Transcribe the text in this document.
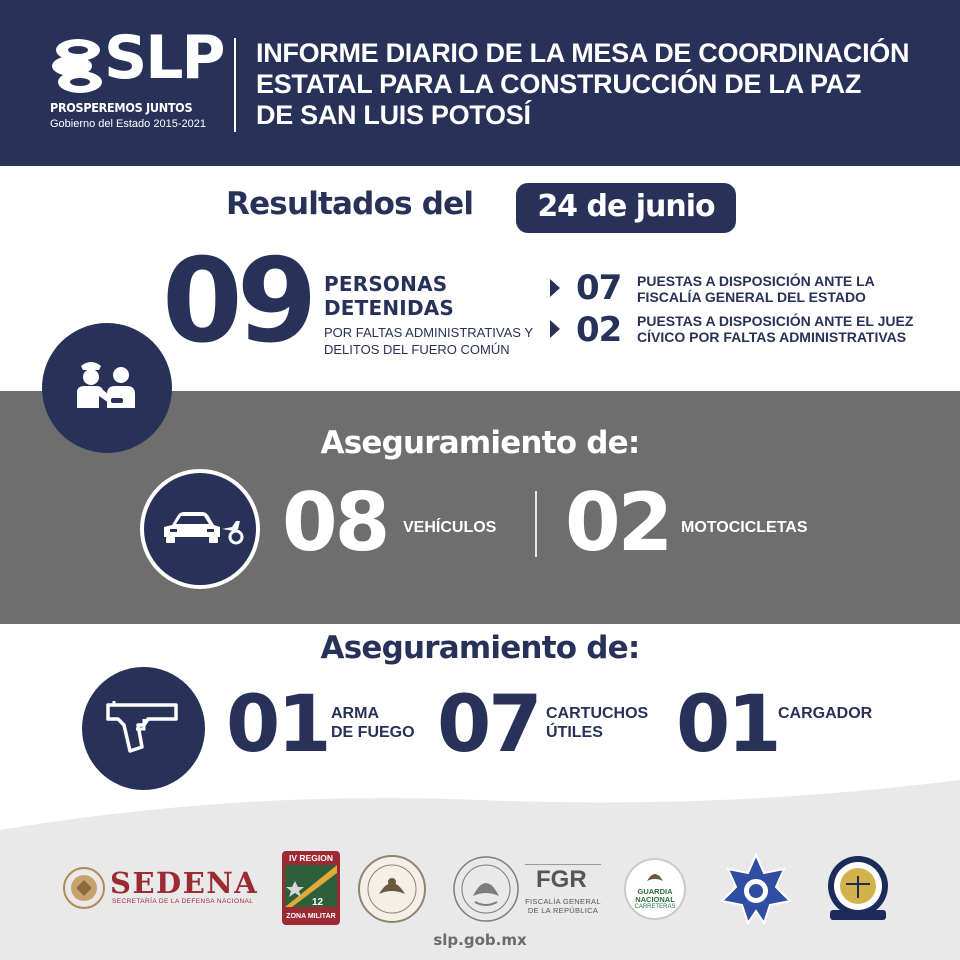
SLP
PROSPEREMOS JUNTOS
Gobierno del Estado 2015-2021
INFORME DIARIO DE LA MESA DE COORDINACIÓN
ESTATAL PARA LA CONSTRUCCIÓN DE LA PAZ
DE SAN LUIS POTOSÍ
Resultados del	24 de junio
09 PERSONAS
DETENIDAS
POR FALTAS ADMINISTRATIVAS Y
DELITOS DEL FUERO COMÚN
07 PUESTAS A DISPOSICIÓN ANTE LA
FISCALÍA GENERAL DEL ESTADO
02 PUESTAS A DISPOSICIÓN ANTE EL JUEZ
CÍVICO POR FALTAS ADMINISTRATIVAS
Aseguramiento de:
08 VEHÍCULOS 02 MOTOCICLETAS
Aseguramiento de:
01 ARMA
DE FUEGO 07 CARTUCHOS
ÚTILES 01 CARGADOR
SEDENA
SECRETARÍA DE LA DEFENSA NACIONAL
IV REGION
12
ZONA MILITAR
FGR
FISCALÍA GENERAL
DE LA REPÚBLICA
GUARDIA
NACIONAL
CARRETERAS
slp.gob.mx
